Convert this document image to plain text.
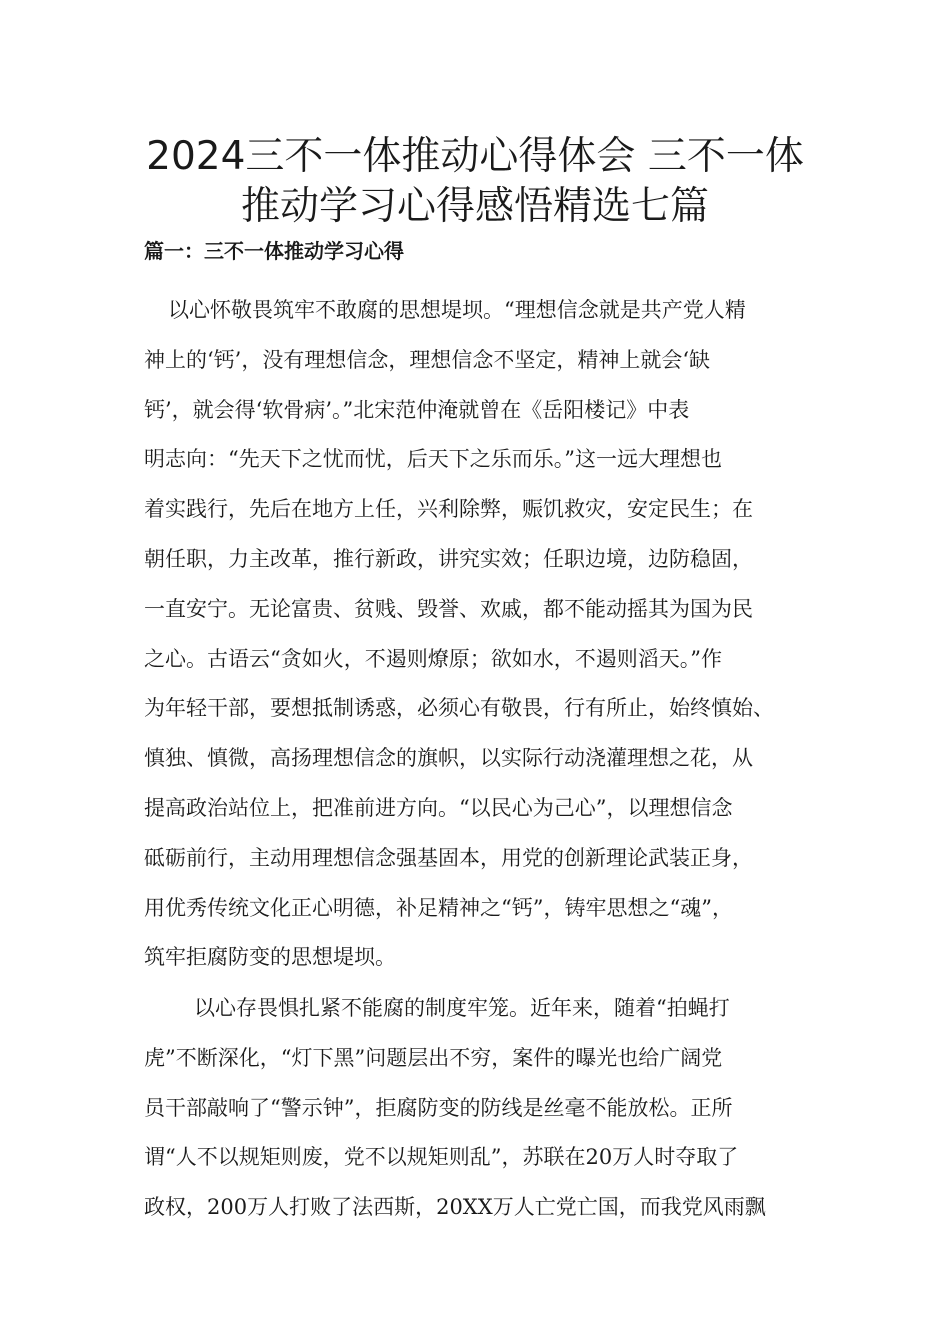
2024三不一体推动心得体会 三不一体
推动学习心得感悟精选七篇
篇一：三不一体推动学习心得
以心怀敬畏筑牢不敢腐的思想堤坝。“理想信念就是共产党人精
神上的‘钙’，没有理想信念，理想信念不坚定，精神上就会‘缺
钙’，就会得‘软骨病’。”北宋范仲淹就曾在《岳阳楼记》中表
明志向：“先天下之忧而忧，后天下之乐而乐。”这一远大理想也
着实践行，先后在地方上任，兴利除弊，赈饥救灾，安定民生；在
朝任职，力主改革，推行新政，讲究实效；任职边境，边防稳固，
一直安宁。无论富贵、贫贱、毁誉、欢戚，都不能动摇其为国为民
之心。古语云“贪如火，不遏则燎原；欲如水，不遏则滔天。”作
为年轻干部，要想抵制诱惑，必须心有敬畏，行有所止，始终慎始、
慎独、慎微，高扬理想信念的旗帜，以实际行动浇灌理想之花，从
提高政治站位上，把准前进方向。“以民心为己心”，以理想信念
砥砺前行，主动用理想信念强基固本，用党的创新理论武装正身，
用优秀传统文化正心明德，补足精神之“钙”，铸牢思想之“魂”，
筑牢拒腐防变的思想堤坝。
以心存畏惧扎紧不能腐的制度牢笼。近年来，随着“拍蝇打
虎”不断深化，“灯下黑”问题层出不穷，案件的曝光也给广阔党
员干部敲响了“警示钟”，拒腐防变的防线是丝毫不能放松。正所
谓“人不以规矩则废，党不以规矩则乱”，苏联在20万人时夺取了
政权，200万人打败了法西斯，20XX万人亡党亡国，而我党风雨飘
